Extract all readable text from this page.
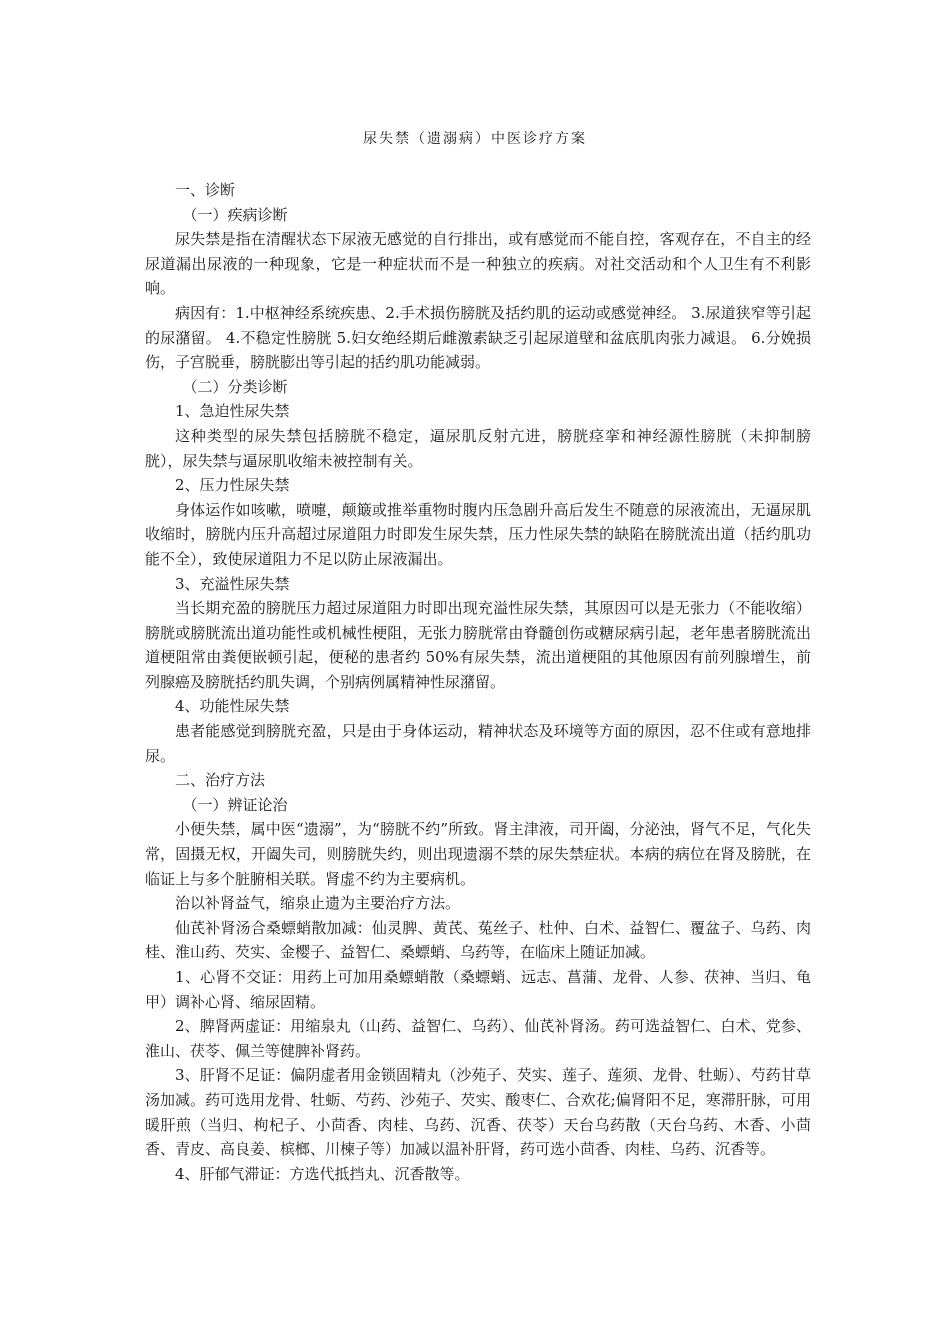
尿失禁（遗溺病）中医诊疗方案

一、诊断

（一）疾病诊断

尿失禁是指在清醒状态下尿液无感觉的自行排出，或有感觉而不能自控，客观存在，不自主的经尿道漏出尿液的一种现象，它是一种症状而不是一种独立的疾病。对社交活动和个人卫生有不利影响。

病因有：1.中枢神经系统疾患、2.手术损伤膀胱及括约肌的运动或感觉神经。 3.尿道狭窄等引起的尿潴留。 4.不稳定性膀胱 5.妇女绝经期后雌激素缺乏引起尿道壁和盆底肌肉张力减退。 6.分娩损伤，子宫脱垂，膀胱膨出等引起的括约肌功能减弱。

（二）分类诊断

1、急迫性尿失禁

这种类型的尿失禁包括膀胱不稳定，逼尿肌反射亢进，膀胱痉挛和神经源性膀胱（未抑制膀胱），尿失禁与逼尿肌收缩未被控制有关。

2、压力性尿失禁

身体运作如咳嗽，喷嚏，颠簸或推举重物时腹内压急剧升高后发生不随意的尿液流出，无逼尿肌收缩时，膀胱内压升高超过尿道阻力时即发生尿失禁，压力性尿失禁的缺陷在膀胱流出道（括约肌功能不全），致使尿道阻力不足以防止尿液漏出。

3、充溢性尿失禁

当长期充盈的膀胱压力超过尿道阻力时即出现充溢性尿失禁，其原因可以是无张力（不能收缩）膀胱或膀胱流出道功能性或机械性梗阻，无张力膀胱常由脊髓创伤或糖尿病引起，老年患者膀胱流出道梗阻常由粪便嵌顿引起，便秘的患者约 50%有尿失禁，流出道梗阻的其他原因有前列腺增生，前列腺癌及膀胱括约肌失调，个别病例属精神性尿潴留。

4、功能性尿失禁

患者能感觉到膀胱充盈，只是由于身体运动，精神状态及环境等方面的原因，忍不住或有意地排尿。

二、治疗方法

（一）辨证论治

小便失禁，属中医“遗溺”，为“膀胱不约”所致。肾主津液，司开阖，分泌浊，肾气不足，气化失常，固摄无权，开阖失司，则膀胱失约，则出现遗溺不禁的尿失禁症状。本病的病位在肾及膀胱，在临证上与多个脏腑相关联。肾虚不约为主要病机。

治以补肾益气，缩泉止遗为主要治疗方法。

仙芪补肾汤合桑螵蛸散加减：仙灵脾、黄芪、菟丝子、杜仲、白术、益智仁、覆盆子、乌药、肉桂、淮山药、芡实、金樱子、益智仁、桑螵蛸、乌药等，在临床上随证加减。

1、心肾不交证：用药上可加用桑螵蛸散（桑螵蛸、远志、菖蒲、龙骨、人参、茯神、当归、龟甲）调补心肾、缩尿固精。

2、脾肾两虚证：用缩泉丸（山药、益智仁、乌药）、仙芪补肾汤。药可选益智仁、白术、党参、淮山、茯苓、佩兰等健脾补肾药。

3、肝肾不足证：偏阴虚者用金锁固精丸（沙苑子、芡实、莲子、莲须、龙骨、牡蛎）、芍药甘草汤加减。药可选用龙骨、牡蛎、芍药、沙苑子、芡实、酸枣仁、合欢花;偏肾阳不足，寒滞肝脉，可用暖肝煎（当归、枸杞子、小茴香、肉桂、乌药、沉香、茯苓）天台乌药散（天台乌药、木香、小茴香、青皮、高良姜、槟榔、川楝子等）加减以温补肝肾，药可选小茴香、肉桂、乌药、沉香等。

4、肝郁气滞证：方选代抵挡丸、沉香散等。
